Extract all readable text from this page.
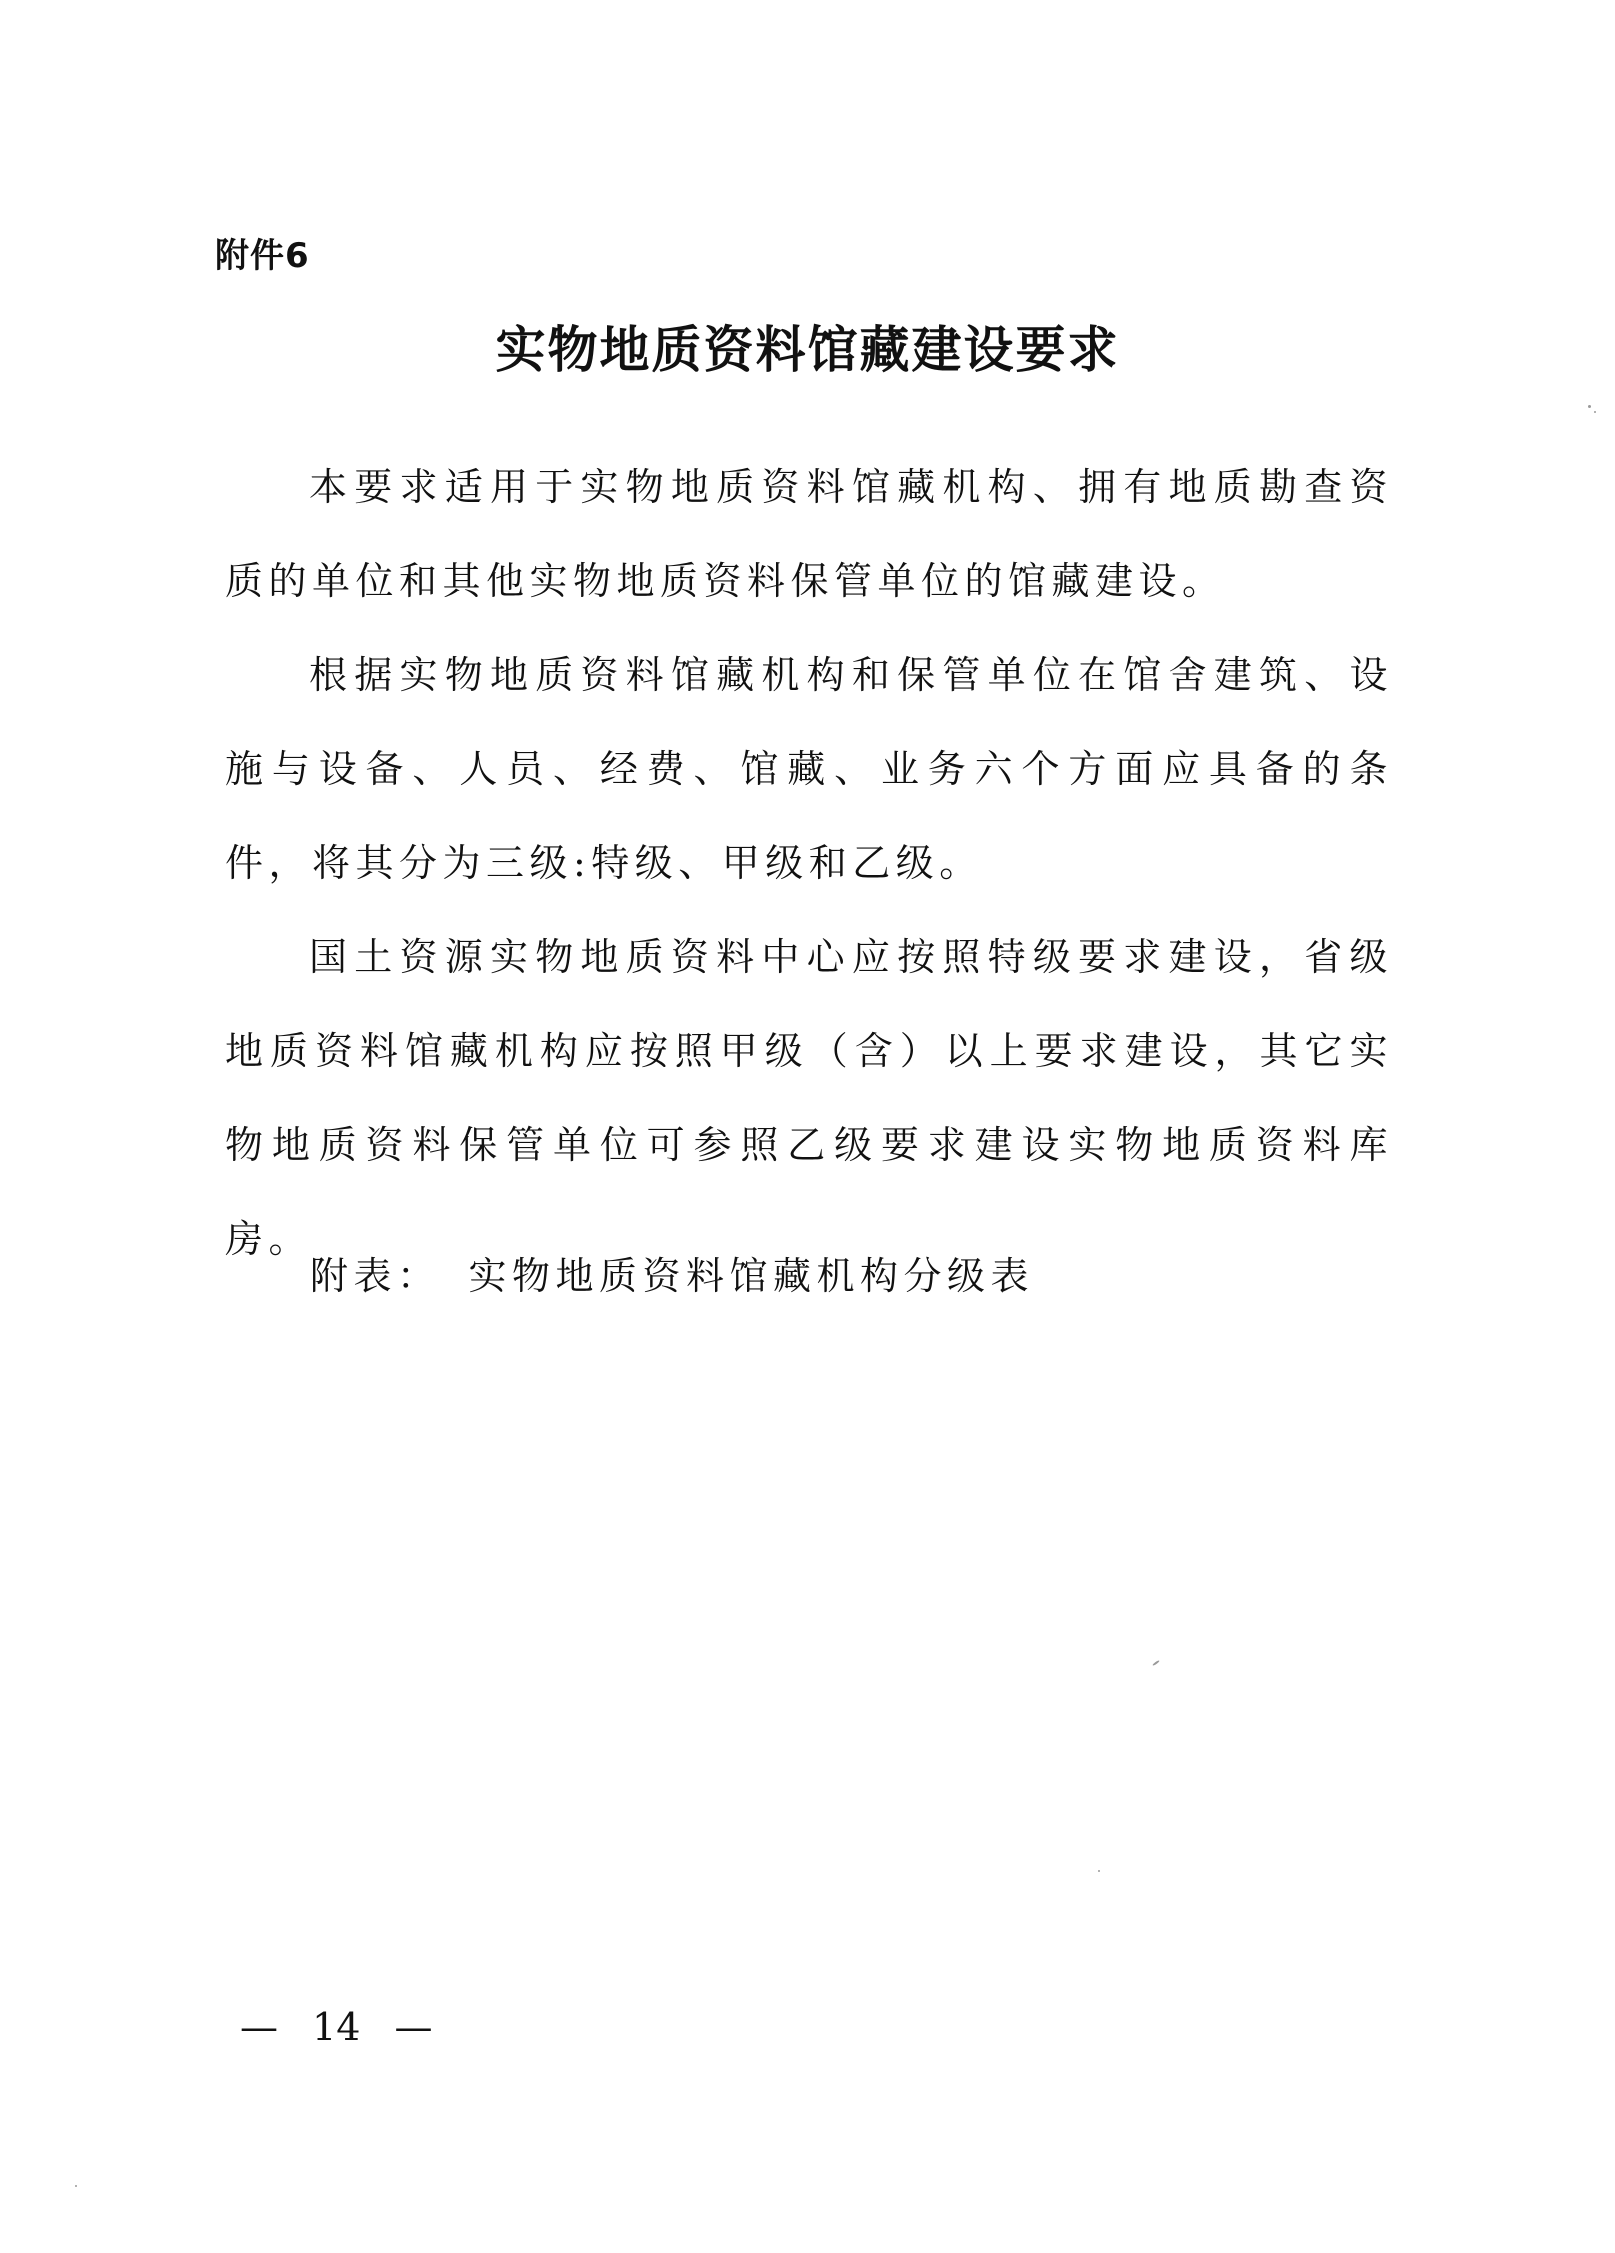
附件6
实物地质资料馆藏建设要求

本要求适用于实物地质资料馆藏机构、拥有地质勘查资质的单位和其他实物地质资料保管单位的馆藏建设。

根据实物地质资料馆藏机构和保管单位在馆舍建筑、设施与设备、人员、经费、馆藏、业务六个方面应具备的条件，将其分为三级:特级、甲级和乙级。

国土资源实物地质资料中心应按照特级要求建设，省级地质资料馆藏机构应按照甲级（含）以上要求建设，其它实物地质资料保管单位可参照乙级要求建设实物地质资料库房。

附表： 实物地质资料馆藏机构分级表
— 14 —
